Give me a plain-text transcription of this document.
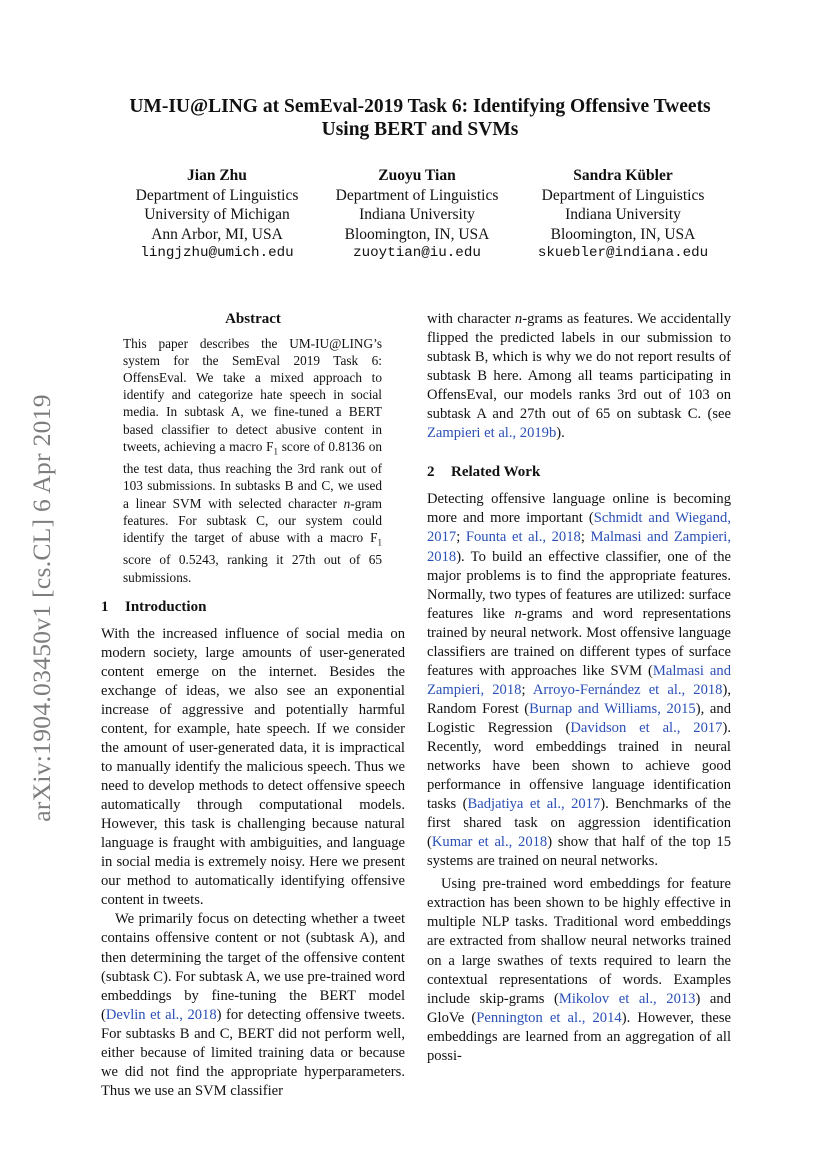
arXiv:1904.03450v1 [cs.CL] 6 Apr 2019
UM-IU@LING at SemEval-2019 Task 6: Identifying Offensive Tweets
Using BERT and SVMs
Jian Zhu
Department of Linguistics
University of Michigan
Ann Arbor, MI, USA
lingjzhu@umich.edu
Zuoyu Tian
Department of Linguistics
Indiana University
Bloomington, IN, USA
zuoytian@iu.edu
Sandra Kübler
Department of Linguistics
Indiana University
Bloomington, IN, USA
skuebler@indiana.edu
Abstract

This paper describes the UM-IU@LING’s system for the SemEval 2019 Task 6: OffensEval. We take a mixed approach to identify and categorize hate speech in social media. In subtask A, we fine-tuned a BERT based classifier to detect abusive content in tweets, achieving a macro $F_1$ score of 0.8136 on the test data, thus reaching the 3rd rank out of 103 submissions. In subtasks B and C, we used a linear SVM with selected character n-gram features. For subtask C, our system could identify the target of abuse with a macro $F_1$ score of 0.5243, ranking it 27th out of 65 submissions.

1 Introduction

With the increased influence of social media on modern society, large amounts of user-generated content emerge on the internet. Besides the exchange of ideas, we also see an exponential increase of aggressive and potentially harmful content, for example, hate speech. If we consider the amount of user-generated data, it is impractical to manually identify the malicious speech. Thus we need to develop methods to detect offensive speech automatically through computational models. However, this task is challenging because natural language is fraught with ambiguities, and language in social media is extremely noisy. Here we present our method to automatically identifying offensive content in tweets.

We primarily focus on detecting whether a tweet contains offensive content or not (subtask A), and then determining the target of the offensive content (subtask C). For subtask A, we use pre-trained word embeddings by fine-tuning the BERT model (Devlin et al., 2018) for detecting offensive tweets. For subtasks B and C, BERT did not perform well, either because of limited training data or because we did not find the appropriate hyperparameters. Thus we use an SVM classifier

with character n-grams as features. We accidentally flipped the predicted labels in our submission to subtask B, which is why we do not report results of subtask B here. Among all teams participating in OffensEval, our models ranks 3rd out of 103 on subtask A and 27th out of 65 on subtask C. (see Zampieri et al., 2019b).

2 Related Work

Detecting offensive language online is becoming more and more important (Schmidt and Wiegand, 2017; Founta et al., 2018; Malmasi and Zampieri, 2018). To build an effective classifier, one of the major problems is to find the appropriate features. Normally, two types of features are utilized: surface features like n-grams and word representations trained by neural network. Most offensive language classifiers are trained on different types of surface features with approaches like SVM (Malmasi and Zampieri, 2018; Arroyo-Fernández et al., 2018), Random Forest (Burnap and Williams, 2015), and Logistic Regression (Davidson et al., 2017). Recently, word embeddings trained in neural networks have been shown to achieve good performance in offensive language identification tasks (Badjatiya et al., 2017). Benchmarks of the first shared task on aggression identification (Kumar et al., 2018) show that half of the top 15 systems are trained on neural networks.

Using pre-trained word embeddings for feature extraction has been shown to be highly effective in multiple NLP tasks. Traditional word embeddings are extracted from shallow neural networks trained on a large swathes of texts required to learn the contextual representations of words. Examples include skip-grams (Mikolov et al., 2013) and GloVe (Pennington et al., 2014). However, these embeddings are learned from an aggregation of all possi-
